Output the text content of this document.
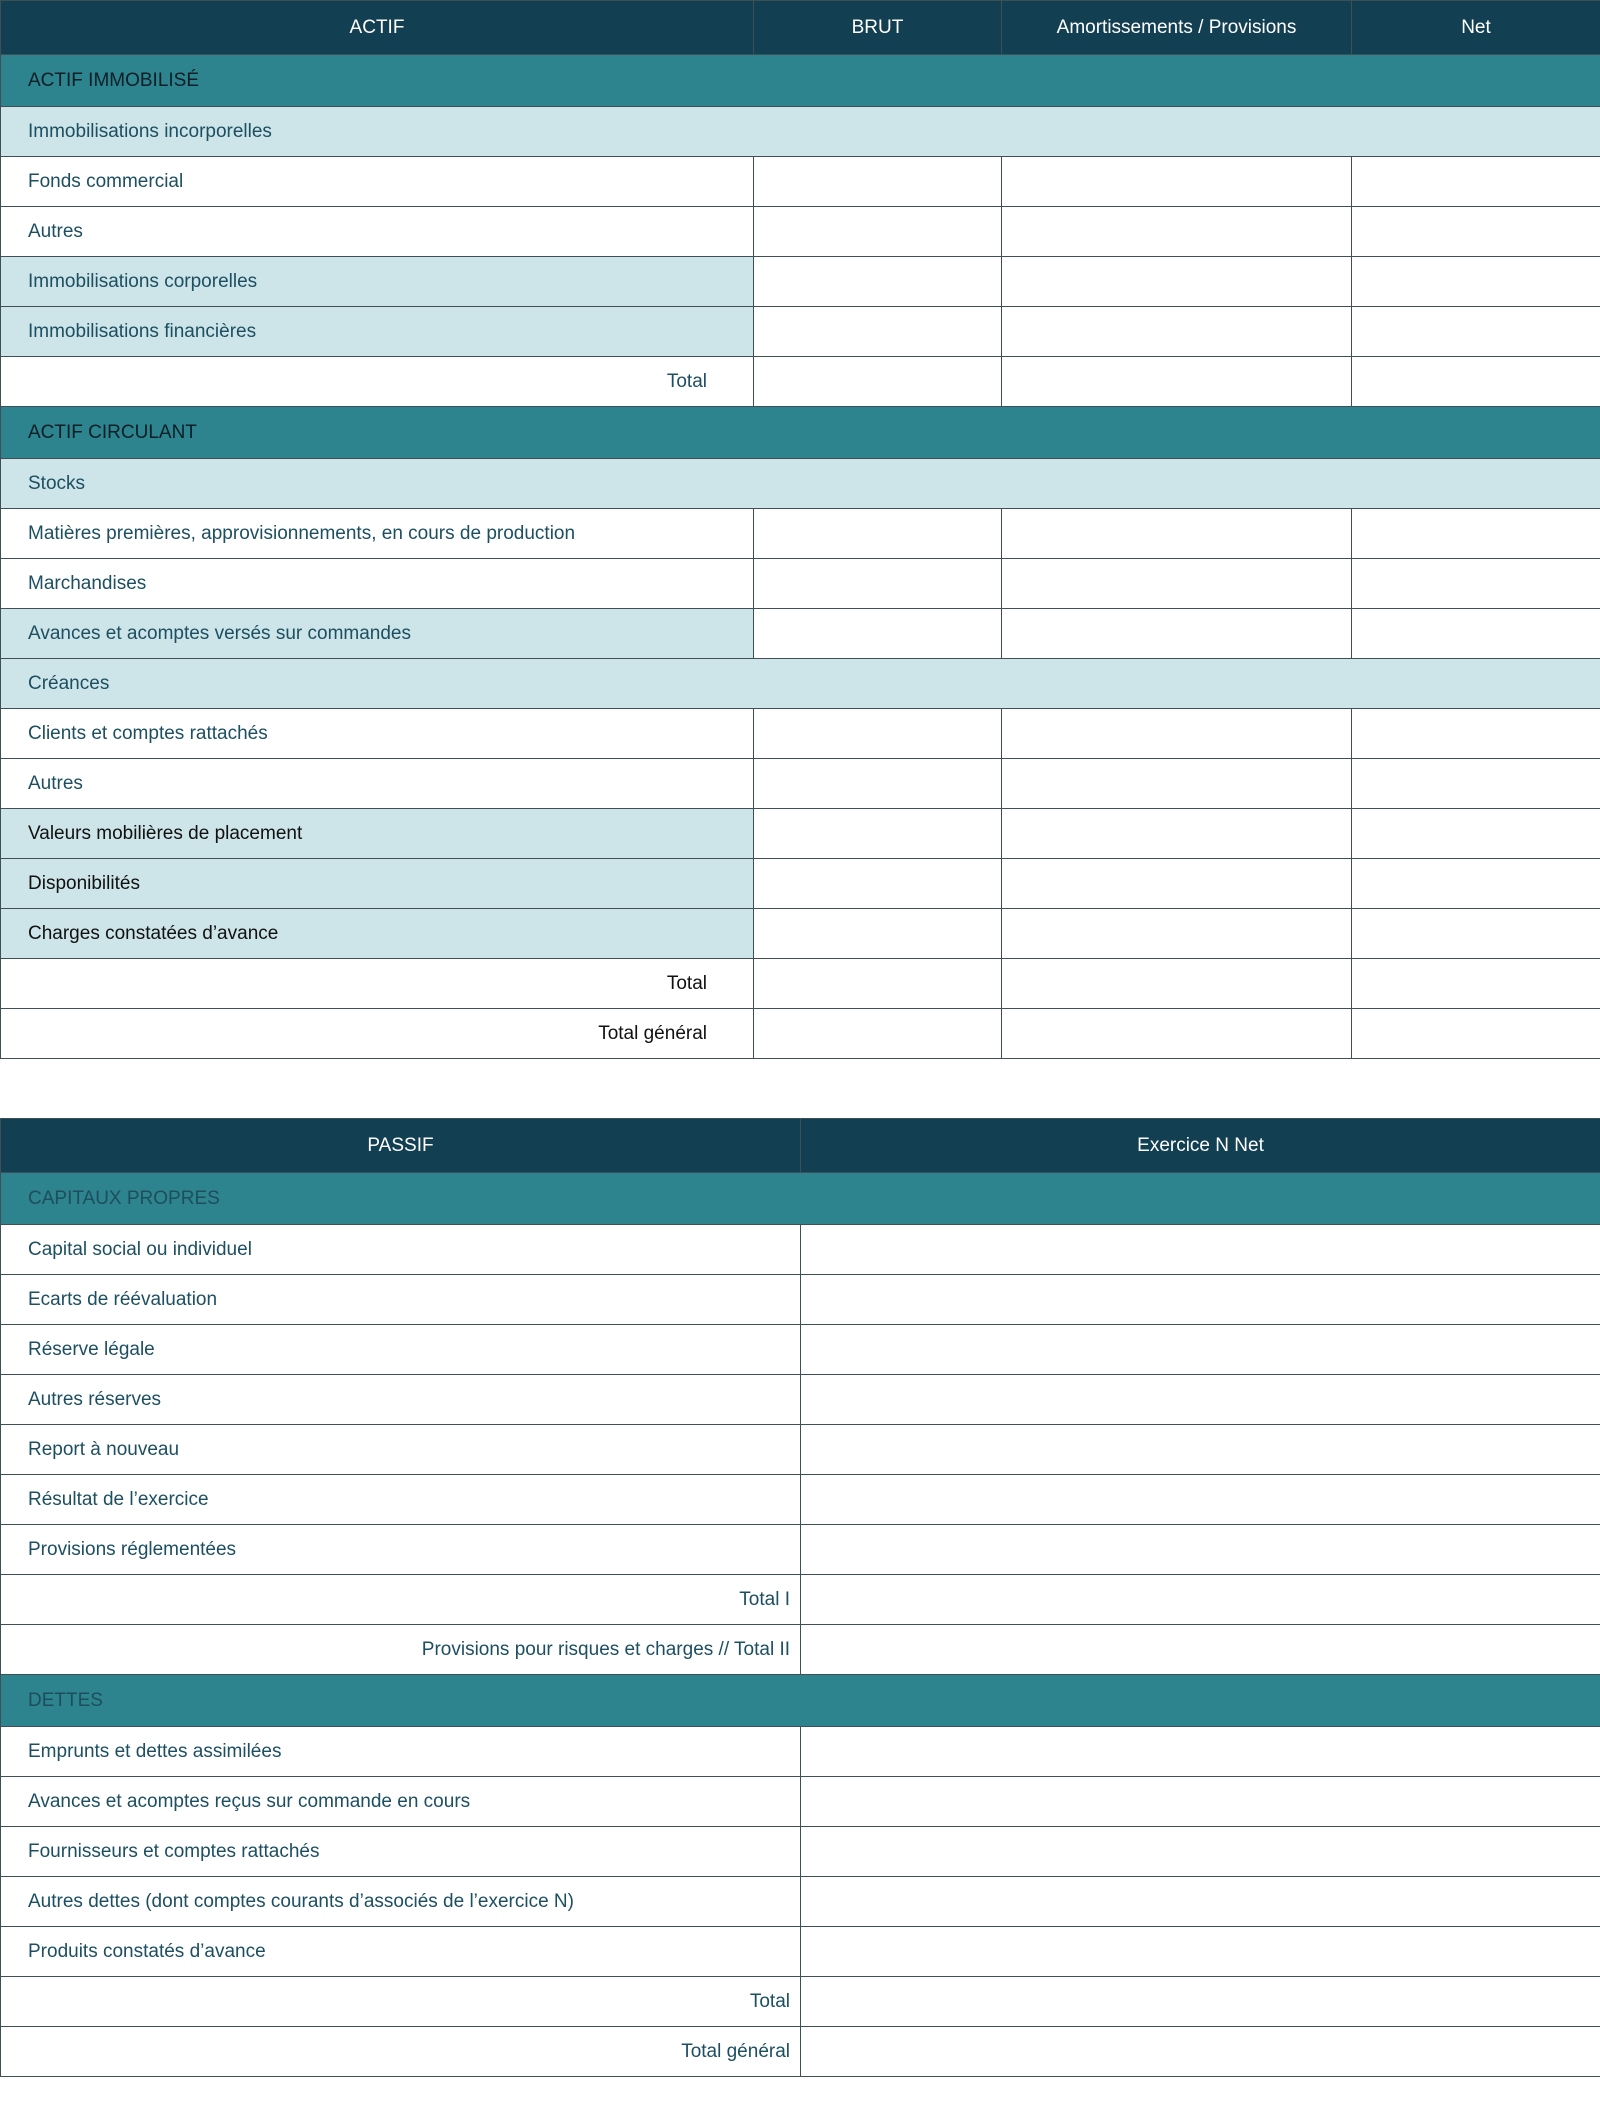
ACTIF	BRUT	Amortissements / Provisions	Net
ACTIF IMMOBILISÉ			
Immobilisations incorporelles			
Fonds commercial			
Autres			
Immobilisations corporelles			
Immobilisations financières			
Total			
ACTIF CIRCULANT			
Stocks			
Matières premières, approvisionnements, en cours de production			
Marchandises			
Avances et acomptes versés sur commandes			
Créances			
Clients et comptes rattachés			
Autres			
Valeurs mobilières de placement			
Disponibilités			
Charges constatées d’avance			
Total			
Total général			
PASSIF	Exercice N Net
CAPITAUX PROPRES	
Capital social ou individuel	
Ecarts de réévaluation	
Réserve légale	
Autres réserves	
Report à nouveau	
Résultat de l’exercice	
Provisions réglementées	
Total I	
Provisions pour risques et charges // Total II	
DETTES	
Emprunts et dettes assimilées	
Avances et acomptes reçus sur commande en cours	
Fournisseurs et comptes rattachés	
Autres dettes (dont comptes courants d’associés de l’exercice N)	
Produits constatés d’avance	
Total	
Total général	
